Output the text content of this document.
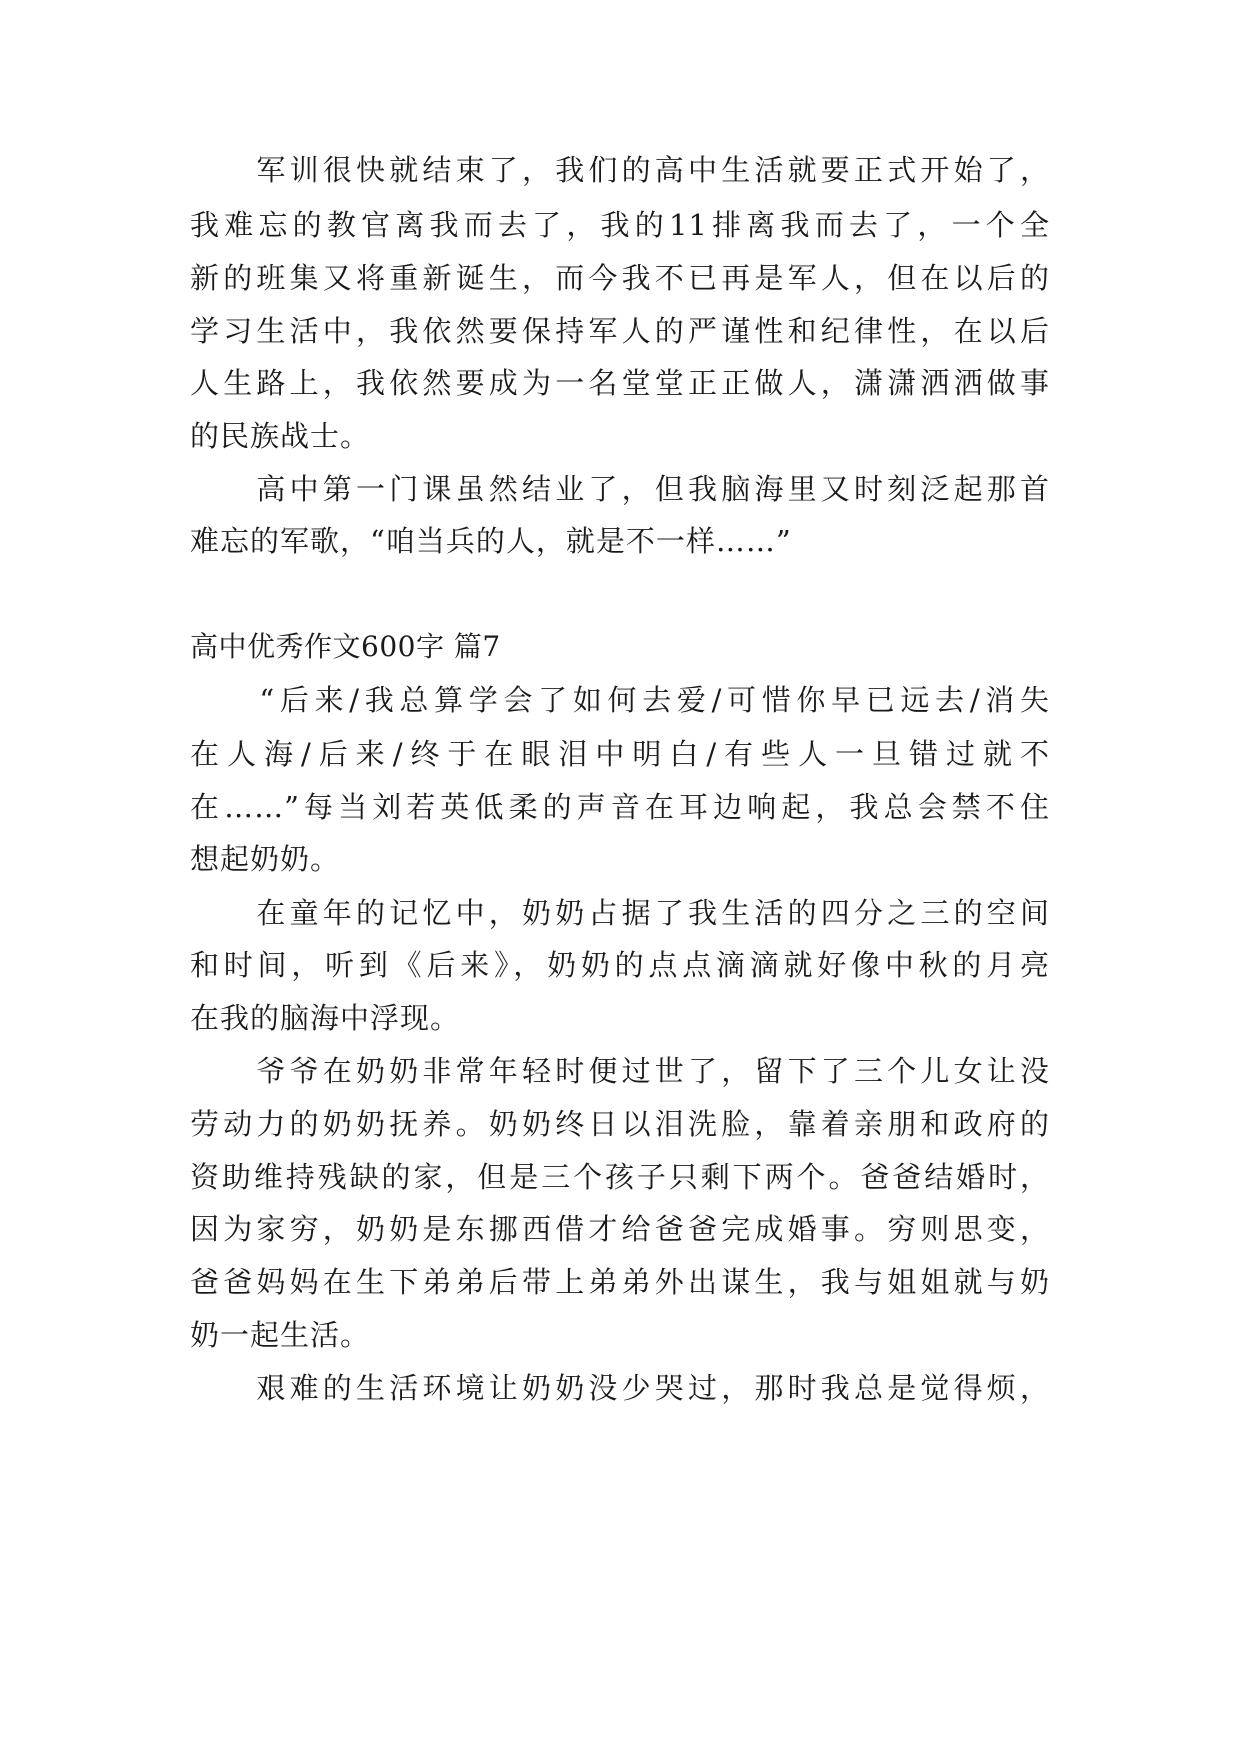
　　军训很快就结束了，我们的高中生活就要正式开始了，
我难忘的教官离我而去了，我的11排离我而去了，一个全
新的班集又将重新诞生，而今我不已再是军人，但在以后的
学习生活中，我依然要保持军人的严谨性和纪律性，在以后
人生路上，我依然要成为一名堂堂正正做人，潇潇洒洒做事
的民族战士。
　　高中第一门课虽然结业了，但我脑海里又时刻泛起那首
难忘的军歌，“咱当兵的人，就是不一样……”
高中优秀作文600字 篇7
　　“后来/我总算学会了如何去爱/可惜你早已远去/消失
在人海/后来/终于在眼泪中明白/有些人一旦错过就不
在……”每当刘若英低柔的声音在耳边响起，我总会禁不住
想起奶奶。
　　在童年的记忆中，奶奶占据了我生活的四分之三的空间
和时间，听到《后来》，奶奶的点点滴滴就好像中秋的月亮
在我的脑海中浮现。
　　爷爷在奶奶非常年轻时便过世了，留下了三个儿女让没
劳动力的奶奶抚养。奶奶终日以泪洗脸，靠着亲朋和政府的
资助维持残缺的家，但是三个孩子只剩下两个。爸爸结婚时，
因为家穷，奶奶是东挪西借才给爸爸完成婚事。穷则思变，
爸爸妈妈在生下弟弟后带上弟弟外出谋生，我与姐姐就与奶
奶一起生活。
　　艰难的生活环境让奶奶没少哭过，那时我总是觉得烦，
